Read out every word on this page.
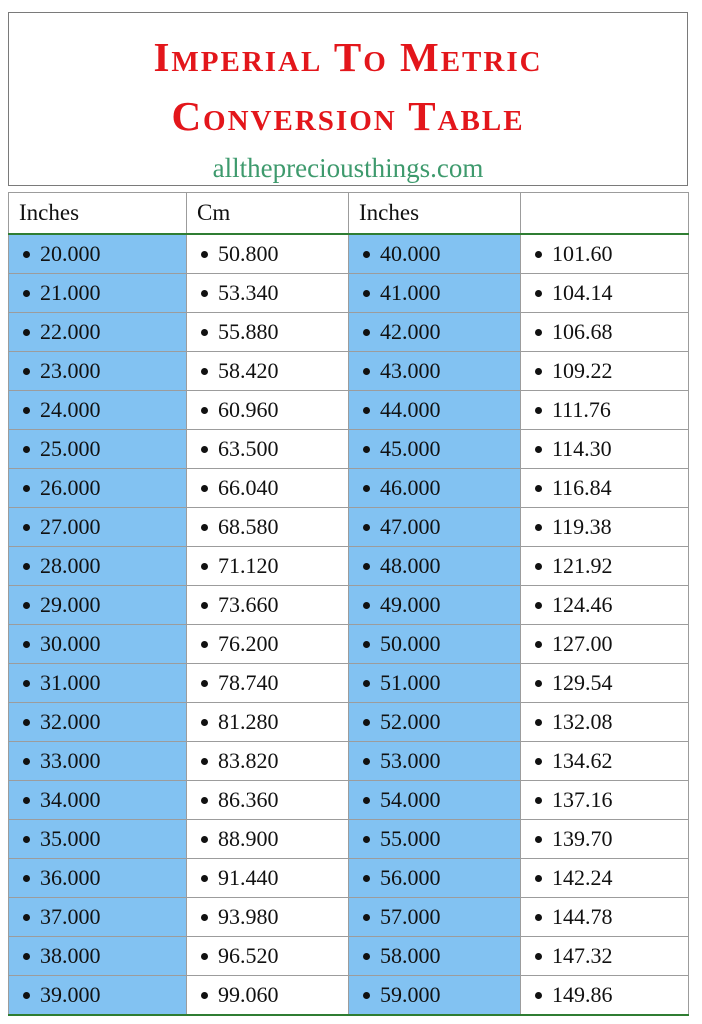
Imperial To Metric
Conversion Table
allthepreciousthings.com
Inches	Cm	Inches	

20.000	50.800	40.000	101.60

21.000	53.340	41.000	104.14

22.000	55.880	42.000	106.68

23.000	58.420	43.000	109.22

24.000	60.960	44.000	111.76

25.000	63.500	45.000	114.30

26.000	66.040	46.000	116.84

27.000	68.580	47.000	119.38

28.000	71.120	48.000	121.92

29.000	73.660	49.000	124.46

30.000	76.200	50.000	127.00

31.000	78.740	51.000	129.54

32.000	81.280	52.000	132.08

33.000	83.820	53.000	134.62

34.000	86.360	54.000	137.16

35.000	88.900	55.000	139.70

36.000	91.440	56.000	142.24

37.000	93.980	57.000	144.78

38.000	96.520	58.000	147.32

39.000	99.060	59.000	149.86
